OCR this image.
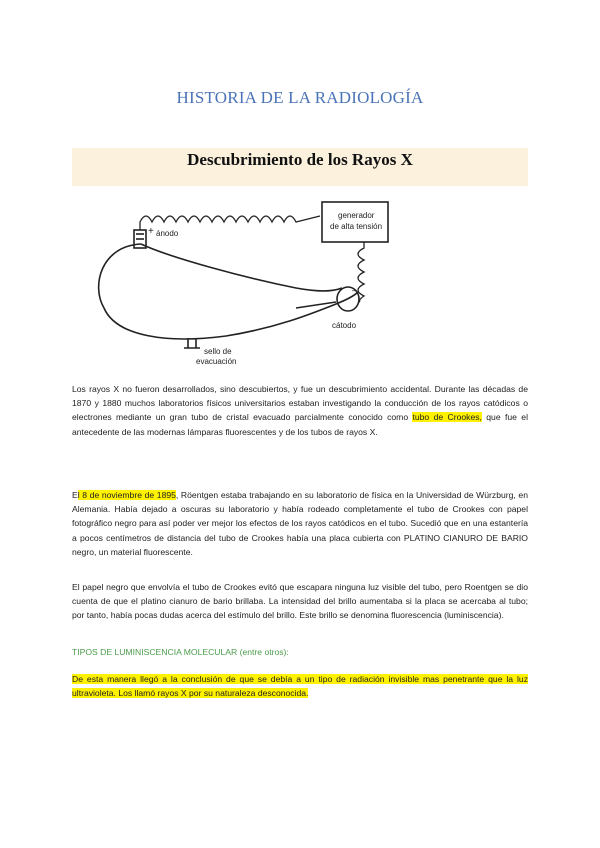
HISTORIA DE LA RADIOLOGÍA
Descubrimiento de los Rayos X
generador
de alta tensión
+ ánodo
–
cátodo
sello de
evacuación
Los rayos X no fueron desarrollados, sino descubiertos, y fue un descubrimiento accidental. Durante las décadas de 1870 y 1880 muchos laboratorios físicos universitarios estaban investigando la conducción de los rayos catódicos o electrones mediante un gran tubo de cristal evacuado parcialmente conocido como tubo de Crookes, que fue el antecedente de las modernas lámparas fluorescentes y de los tubos de rayos X.
El 8 de noviembre de 1895, Röentgen estaba trabajando en su laboratorio de física en la Universidad de Würzburg, en Alemania. Había dejado a oscuras su laboratorio y había rodeado completamente el tubo de Crookes con papel fotográfico negro para así poder ver mejor los efectos de los rayos catódicos en el tubo. Sucedió que en una estantería a pocos centímetros de distancia del tubo de Crookes había una placa cubierta con PLATINO CIANURO DE BARIO negro, un material fluorescente.
El papel negro que envolvía el tubo de Crookes evitó que escapara ninguna luz visible del tubo, pero Roentgen se dio cuenta de que el platino cianuro de bario brillaba. La intensidad del brillo aumentaba si la placa se acercaba al tubo; por tanto, había pocas dudas acerca del estímulo del brillo. Este brillo se denomina fluorescencia (luminiscencia).
TIPOS DE LUMINISCENCIA MOLECULAR (entre otros):
De esta manera llegó a la conclusión de que se debía a un tipo de radiación invisible mas penetrante que la luz ultravioleta. Los llamó rayos X por su naturaleza desconocida.
